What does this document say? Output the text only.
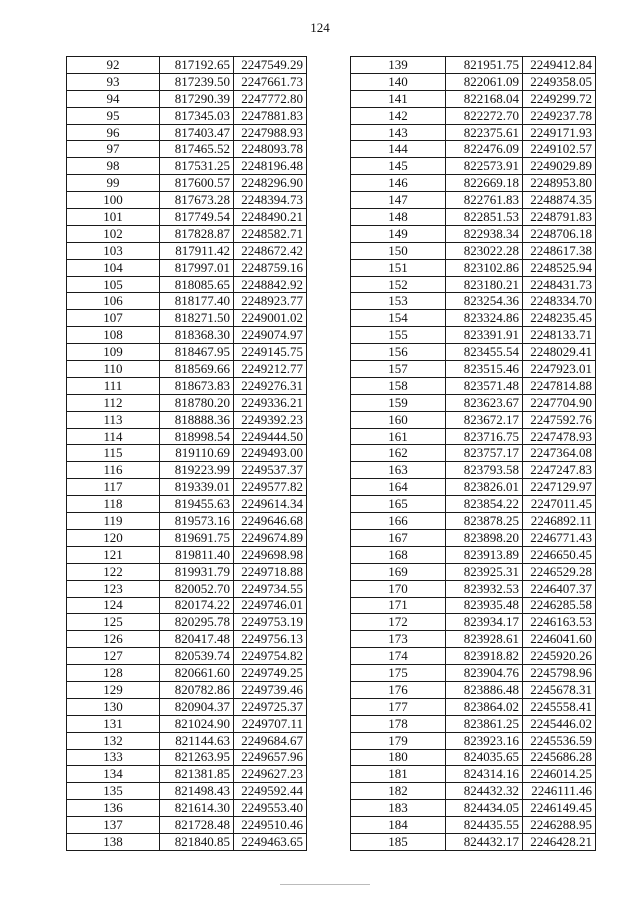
124
92	817192.65	2247549.29
93	817239.50	2247661.73
94	817290.39	2247772.80
95	817345.03	2247881.83
96	817403.47	2247988.93
97	817465.52	2248093.78
98	817531.25	2248196.48
99	817600.57	2248296.90
100	817673.28	2248394.73
101	817749.54	2248490.21
102	817828.87	2248582.71
103	817911.42	2248672.42
104	817997.01	2248759.16
105	818085.65	2248842.92
106	818177.40	2248923.77
107	818271.50	2249001.02
108	818368.30	2249074.97
109	818467.95	2249145.75
110	818569.66	2249212.77
111	818673.83	2249276.31
112	818780.20	2249336.21
113	818888.36	2249392.23
114	818998.54	2249444.50
115	819110.69	2249493.00
116	819223.99	2249537.37
117	819339.01	2249577.82
118	819455.63	2249614.34
119	819573.16	2249646.68
120	819691.75	2249674.89
121	819811.40	2249698.98
122	819931.79	2249718.88
123	820052.70	2249734.55
124	820174.22	2249746.01
125	820295.78	2249753.19
126	820417.48	2249756.13
127	820539.74	2249754.82
128	820661.60	2249749.25
129	820782.86	2249739.46
130	820904.37	2249725.37
131	821024.90	2249707.11
132	821144.63	2249684.67
133	821263.95	2249657.96
134	821381.85	2249627.23
135	821498.43	2249592.44
136	821614.30	2249553.40
137	821728.48	2249510.46
138	821840.85	2249463.65
139	821951.75	2249412.84
140	822061.09	2249358.05
141	822168.04	2249299.72
142	822272.70	2249237.78
143	822375.61	2249171.93
144	822476.09	2249102.57
145	822573.91	2249029.89
146	822669.18	2248953.80
147	822761.83	2248874.35
148	822851.53	2248791.83
149	822938.34	2248706.18
150	823022.28	2248617.38
151	823102.86	2248525.94
152	823180.21	2248431.73
153	823254.36	2248334.70
154	823324.86	2248235.45
155	823391.91	2248133.71
156	823455.54	2248029.41
157	823515.46	2247923.01
158	823571.48	2247814.88
159	823623.67	2247704.90
160	823672.17	2247592.76
161	823716.75	2247478.93
162	823757.17	2247364.08
163	823793.58	2247247.83
164	823826.01	2247129.97
165	823854.22	2247011.45
166	823878.25	2246892.11
167	823898.20	2246771.43
168	823913.89	2246650.45
169	823925.31	2246529.28
170	823932.53	2246407.37
171	823935.48	2246285.58
172	823934.17	2246163.53
173	823928.61	2246041.60
174	823918.82	2245920.26
175	823904.76	2245798.96
176	823886.48	2245678.31
177	823864.02	2245558.41
178	823861.25	2245446.02
179	823923.16	2245536.59
180	824035.65	2245686.28
181	824314.16	2246014.25
182	824432.32	2246111.46
183	824434.05	2246149.45
184	824435.55	2246288.95
185	824432.17	2246428.21
